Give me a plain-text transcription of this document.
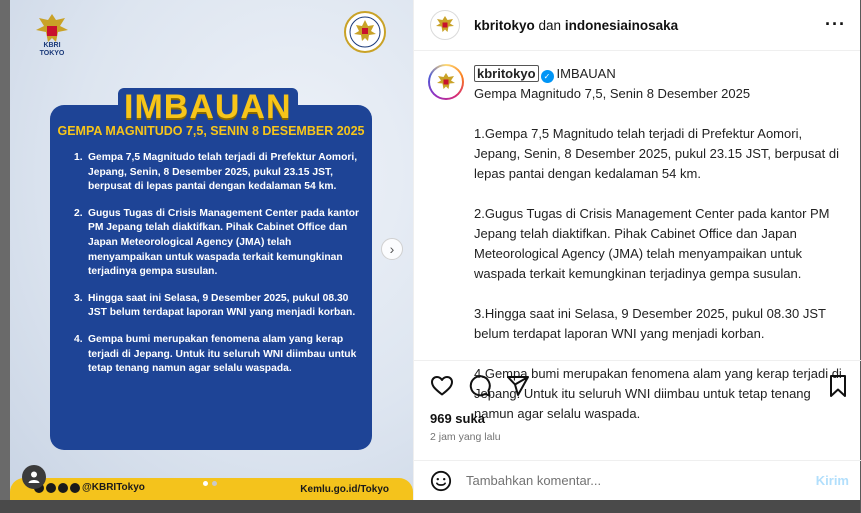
KBRI
TOKYO
IMBAUAN
GEMPA MAGNITUDO 7,5, SENIN 8 DESEMBER 2025
1. Gempa 7,5 Magnitudo telah terjadi di Prefektur Aomori, Jepang, Senin, 8 Desember 2025, pukul 23.15 JST, berpusat di lepas pantai dengan kedalaman 54 km.
2. Gugus Tugas di Crisis Management Center pada kantor PM Jepang telah diaktifkan. Pihak Cabinet Office dan Japan Meteorological Agency (JMA) telah menyampaikan untuk waspada terkait kemungkinan terjadinya gempa susulan.
3. Hingga saat ini Selasa, 9 Desember 2025, pukul 08.30 JST belum terdapat laporan WNI yang menjadi korban.
4. Gempa bumi merupakan fenomena alam yang kerap terjadi di Jepang. Untuk itu seluruh WNI diimbau untuk tetap tenang namun agar selalu waspada.
@KBRITokyo	Kemlu.go.id/Tokyo
›
kbritokyo dan indonesiainosaka	···

kbritokyo ✓ IMBAUAN

Gempa Magnitudo 7,5, Senin 8 Desember 2025

1.Gempa 7,5 Magnitudo telah terjadi di Prefektur Aomori, Jepang, Senin, 8 Desember 2025, pukul 23.15 JST, berpusat di lepas pantai dengan kedalaman 54 km.

2.Gugus Tugas di Crisis Management Center pada kantor PM Jepang telah diaktifkan. Pihak Cabinet Office dan Japan Meteorological Agency (JMA) telah menyampaikan untuk waspada terkait kemungkinan terjadinya gempa susulan.

3.Hingga saat ini Selasa, 9 Desember 2025, pukul 08.30 JST belum terdapat laporan WNI yang menjadi korban.

4.Gempa bumi merupakan fenomena alam yang kerap terjadi di Jepang. Untuk itu seluruh WNI diimbau untuk tetap tenang namun agar selalu waspada.

969 suka
2 jam yang lalu
Tambahkan komentar...	Kirim
